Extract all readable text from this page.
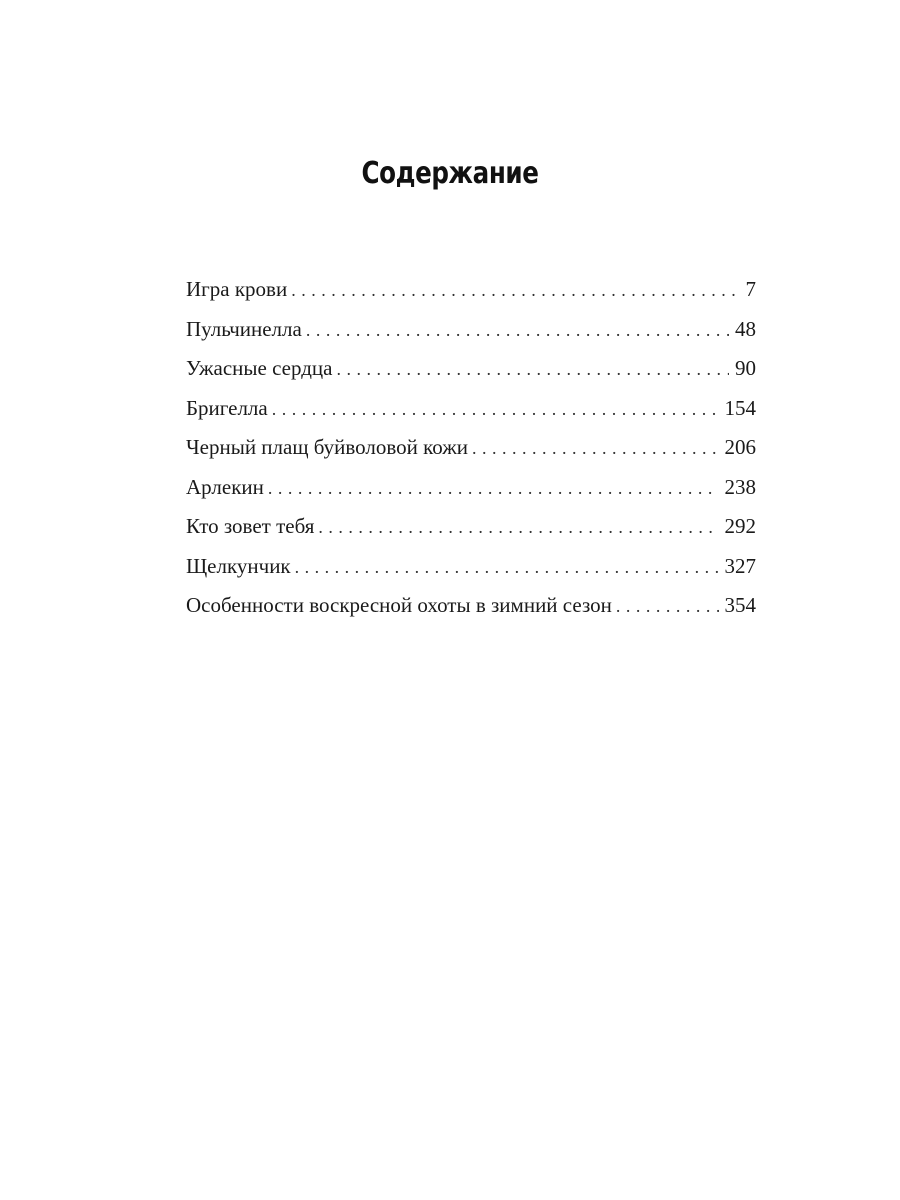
Содержание
Игра крови . . .	7
Пульчинелла . . .	48
Ужасные сердца . . .	90
Бригелла . . .	154
Черный плащ буйволовой кожи . . .	206
Арлекин . . .	238
Кто зовет тебя . . .	292
Щелкунчик . . .	327
Особенности воскресной охоты в зимний сезон . . .	354
